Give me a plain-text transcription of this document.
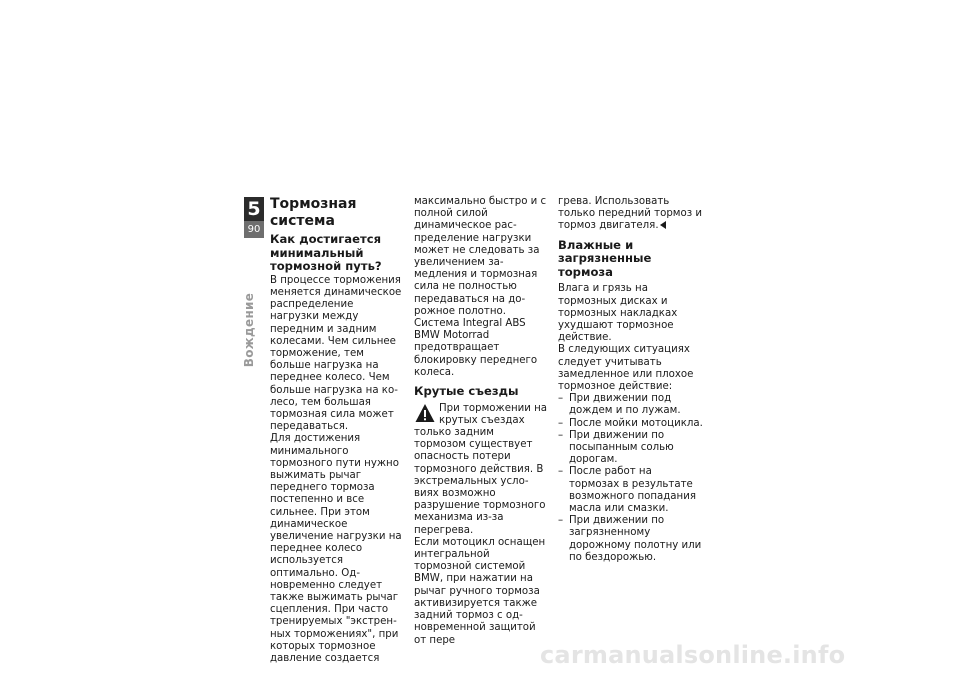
5
90
Вождение
Тормозная система
Как достигается минимальный тормозной путь?

В процессе торможения меняется динамическое распределение нагрузки между передним и задним колесами. Чем сильнее торможение, тем больше нагрузка на переднее колесо. Чем больше нагрузка на колесо, тем большая тормозная сила может передаваться.

Для достижения минимального тормозного пути нужно выжимать рычаг переднего тормоза постепенно и все сильнее. При этом динамическое увеличение нагрузки на переднее колесо используется оптимально. Одновременно следует также выжимать рычаг сцепления. При часто тренируемых "экстренных торможениях", при которых тормозное давление создается

максимально быстро и с полной силой динамическое распределение нагрузки может не следовать за увеличением замедления и тормозная сила не полностью передаваться на дорожное полотно.

Система Integral ABS

BMW Motorrad предотвращает блокировку переднего колеса.

Крутые съезды

При торможении на крутых съездах только задним тормозом существует опасность потери тормозного действия. В экстремальных условиях возможно разрушение тормозного механизма из-за перегрева.

Если мотоцикл оснащен интегральной тормозной системой BMW, при нажатии на рычаг ручного тормоза активизируется также задний тормоз с одновременной защитой от пере

грева. Использовать только передний тормоз и тормоз двигателя.

Влажные и загрязненные тормоза

Влага и грязь на тормозных дисках и тормозных накладках ухудшают тормозное действие.

В следующих ситуациях следует учитывать замедленное или плохое тормозное действие:

– При движении под дождем и по лужам.
– После мойки мотоцикла.
– При движении по посыпанным солью дорогам.
– После работ на тормозах в результате возможного попадания масла или смазки.
– При движении по загрязненному дорожному полотну или по бездорожью.
carmanualsonline.info
